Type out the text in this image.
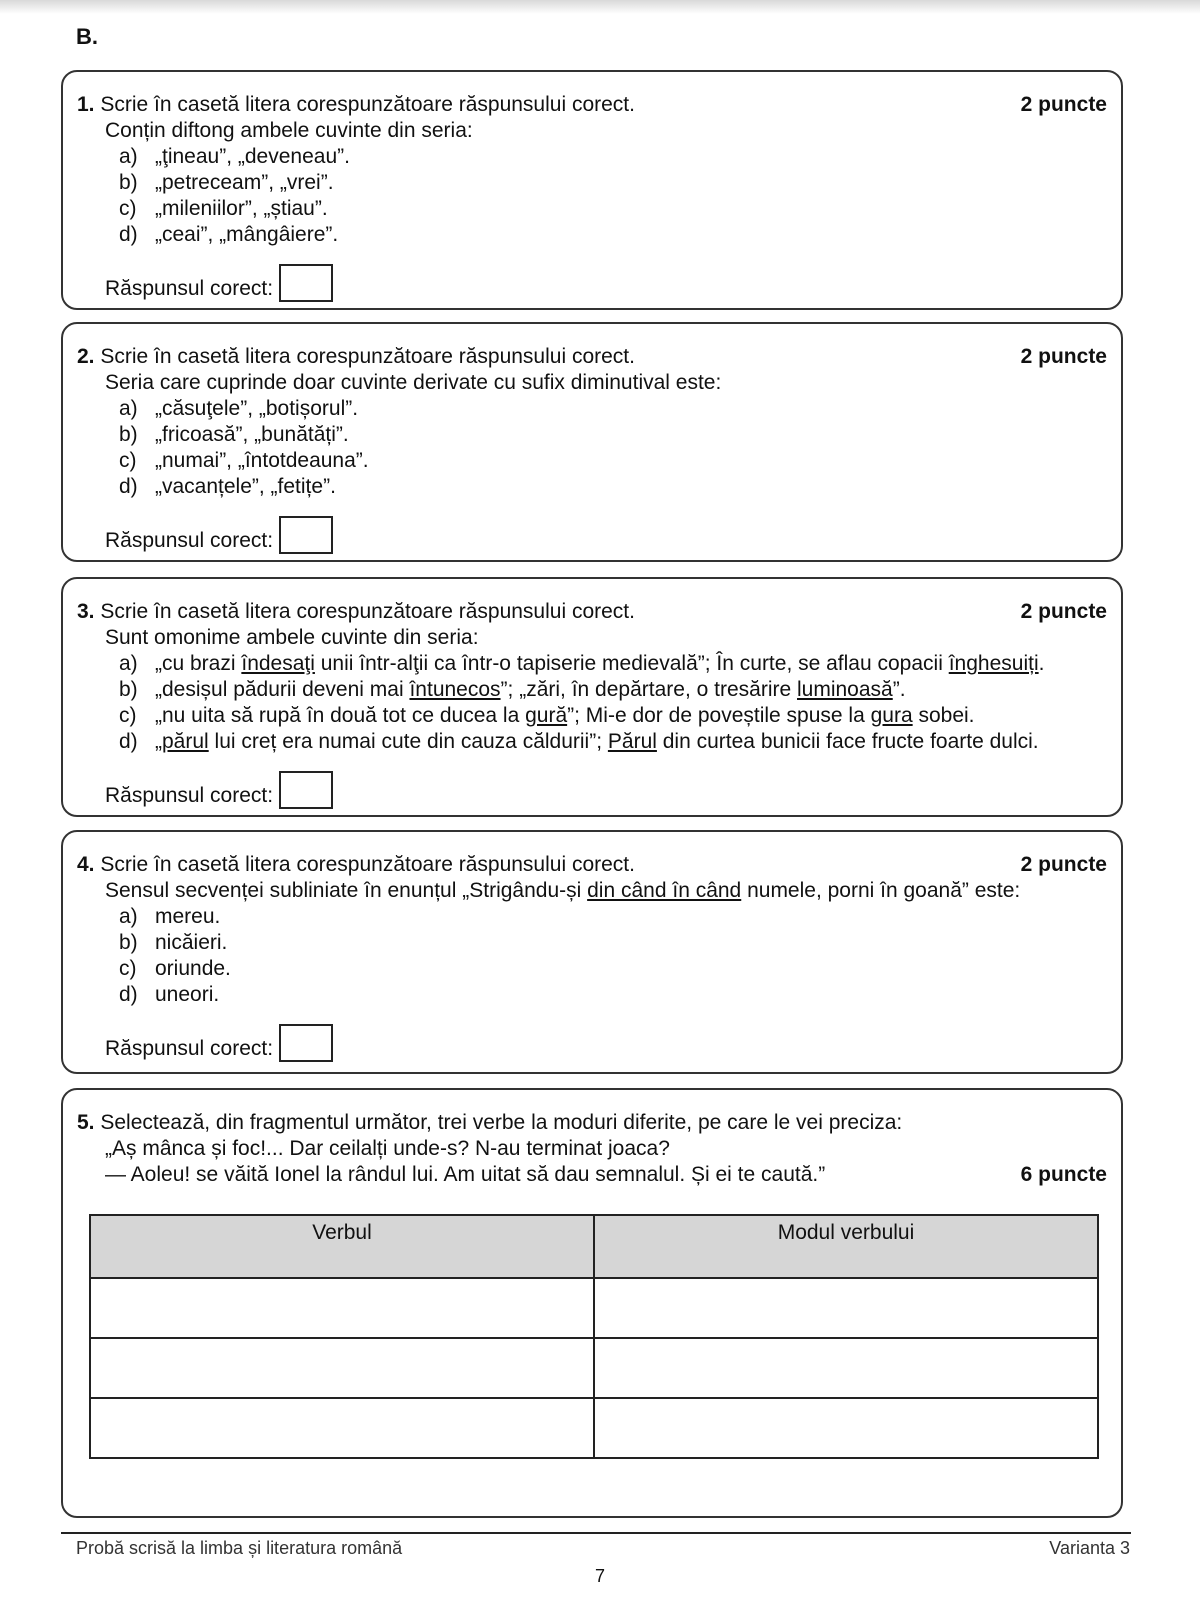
B.
1. Scrie în casetă litera corespunzătoare răspunsului corect.	2 puncte
Conțin diftong ambele cuvinte din seria:
a) „ţineau”, „deveneau”.
b) „petreceam”, „vrei”.
c) „mileniilor”, „știau”.
d) „ceai”, „mângâiere”.
Răspunsul corect:
2. Scrie în casetă litera corespunzătoare răspunsului corect.	2 puncte
Seria care cuprinde doar cuvinte derivate cu sufix diminutival este:
a) „căsuţele”, „botișorul”.
b) „fricoasă”, „bunătăți”.
c) „numai”, „întotdeauna”.
d) „vacanțele”, „fetițe”.
Răspunsul corect:
3. Scrie în casetă litera corespunzătoare răspunsului corect.	2 puncte
Sunt omonime ambele cuvinte din seria:
a) „cu brazi îndesaţi unii într-alţii ca într-o tapiserie medievală”; În curte, se aflau copacii înghesuiți.
b) „desișul pădurii deveni mai întunecos”; „zări, în depărtare, o tresărire luminoasă”.
c) „nu uita să rupă în două tot ce ducea la gură”; Mi-e dor de poveștile spuse la gura sobei.
d) „părul lui creț era numai cute din cauza căldurii”; Părul din curtea bunicii face fructe foarte dulci.
Răspunsul corect:
4. Scrie în casetă litera corespunzătoare răspunsului corect.	2 puncte
Sensul secvenței subliniate în enunțul „Strigându-și din când în când numele, porni în goană” este:
a) mereu.
b) nicăieri.
c) oriunde.
d) uneori.
Răspunsul corect:
5. Selectează, din fragmentul următor, trei verbe la moduri diferite, pe care le vei preciza:
„Aș mânca și foc!... Dar ceilalți unde-s? N-au terminat joaca?
— Aoleu! se văită Ionel la rândul lui. Am uitat să dau semnalul. Și ei te caută.”	6 puncte
Verbul	Modul verbului

Probă scrisă la limba și literatura română	Varianta 3
7
